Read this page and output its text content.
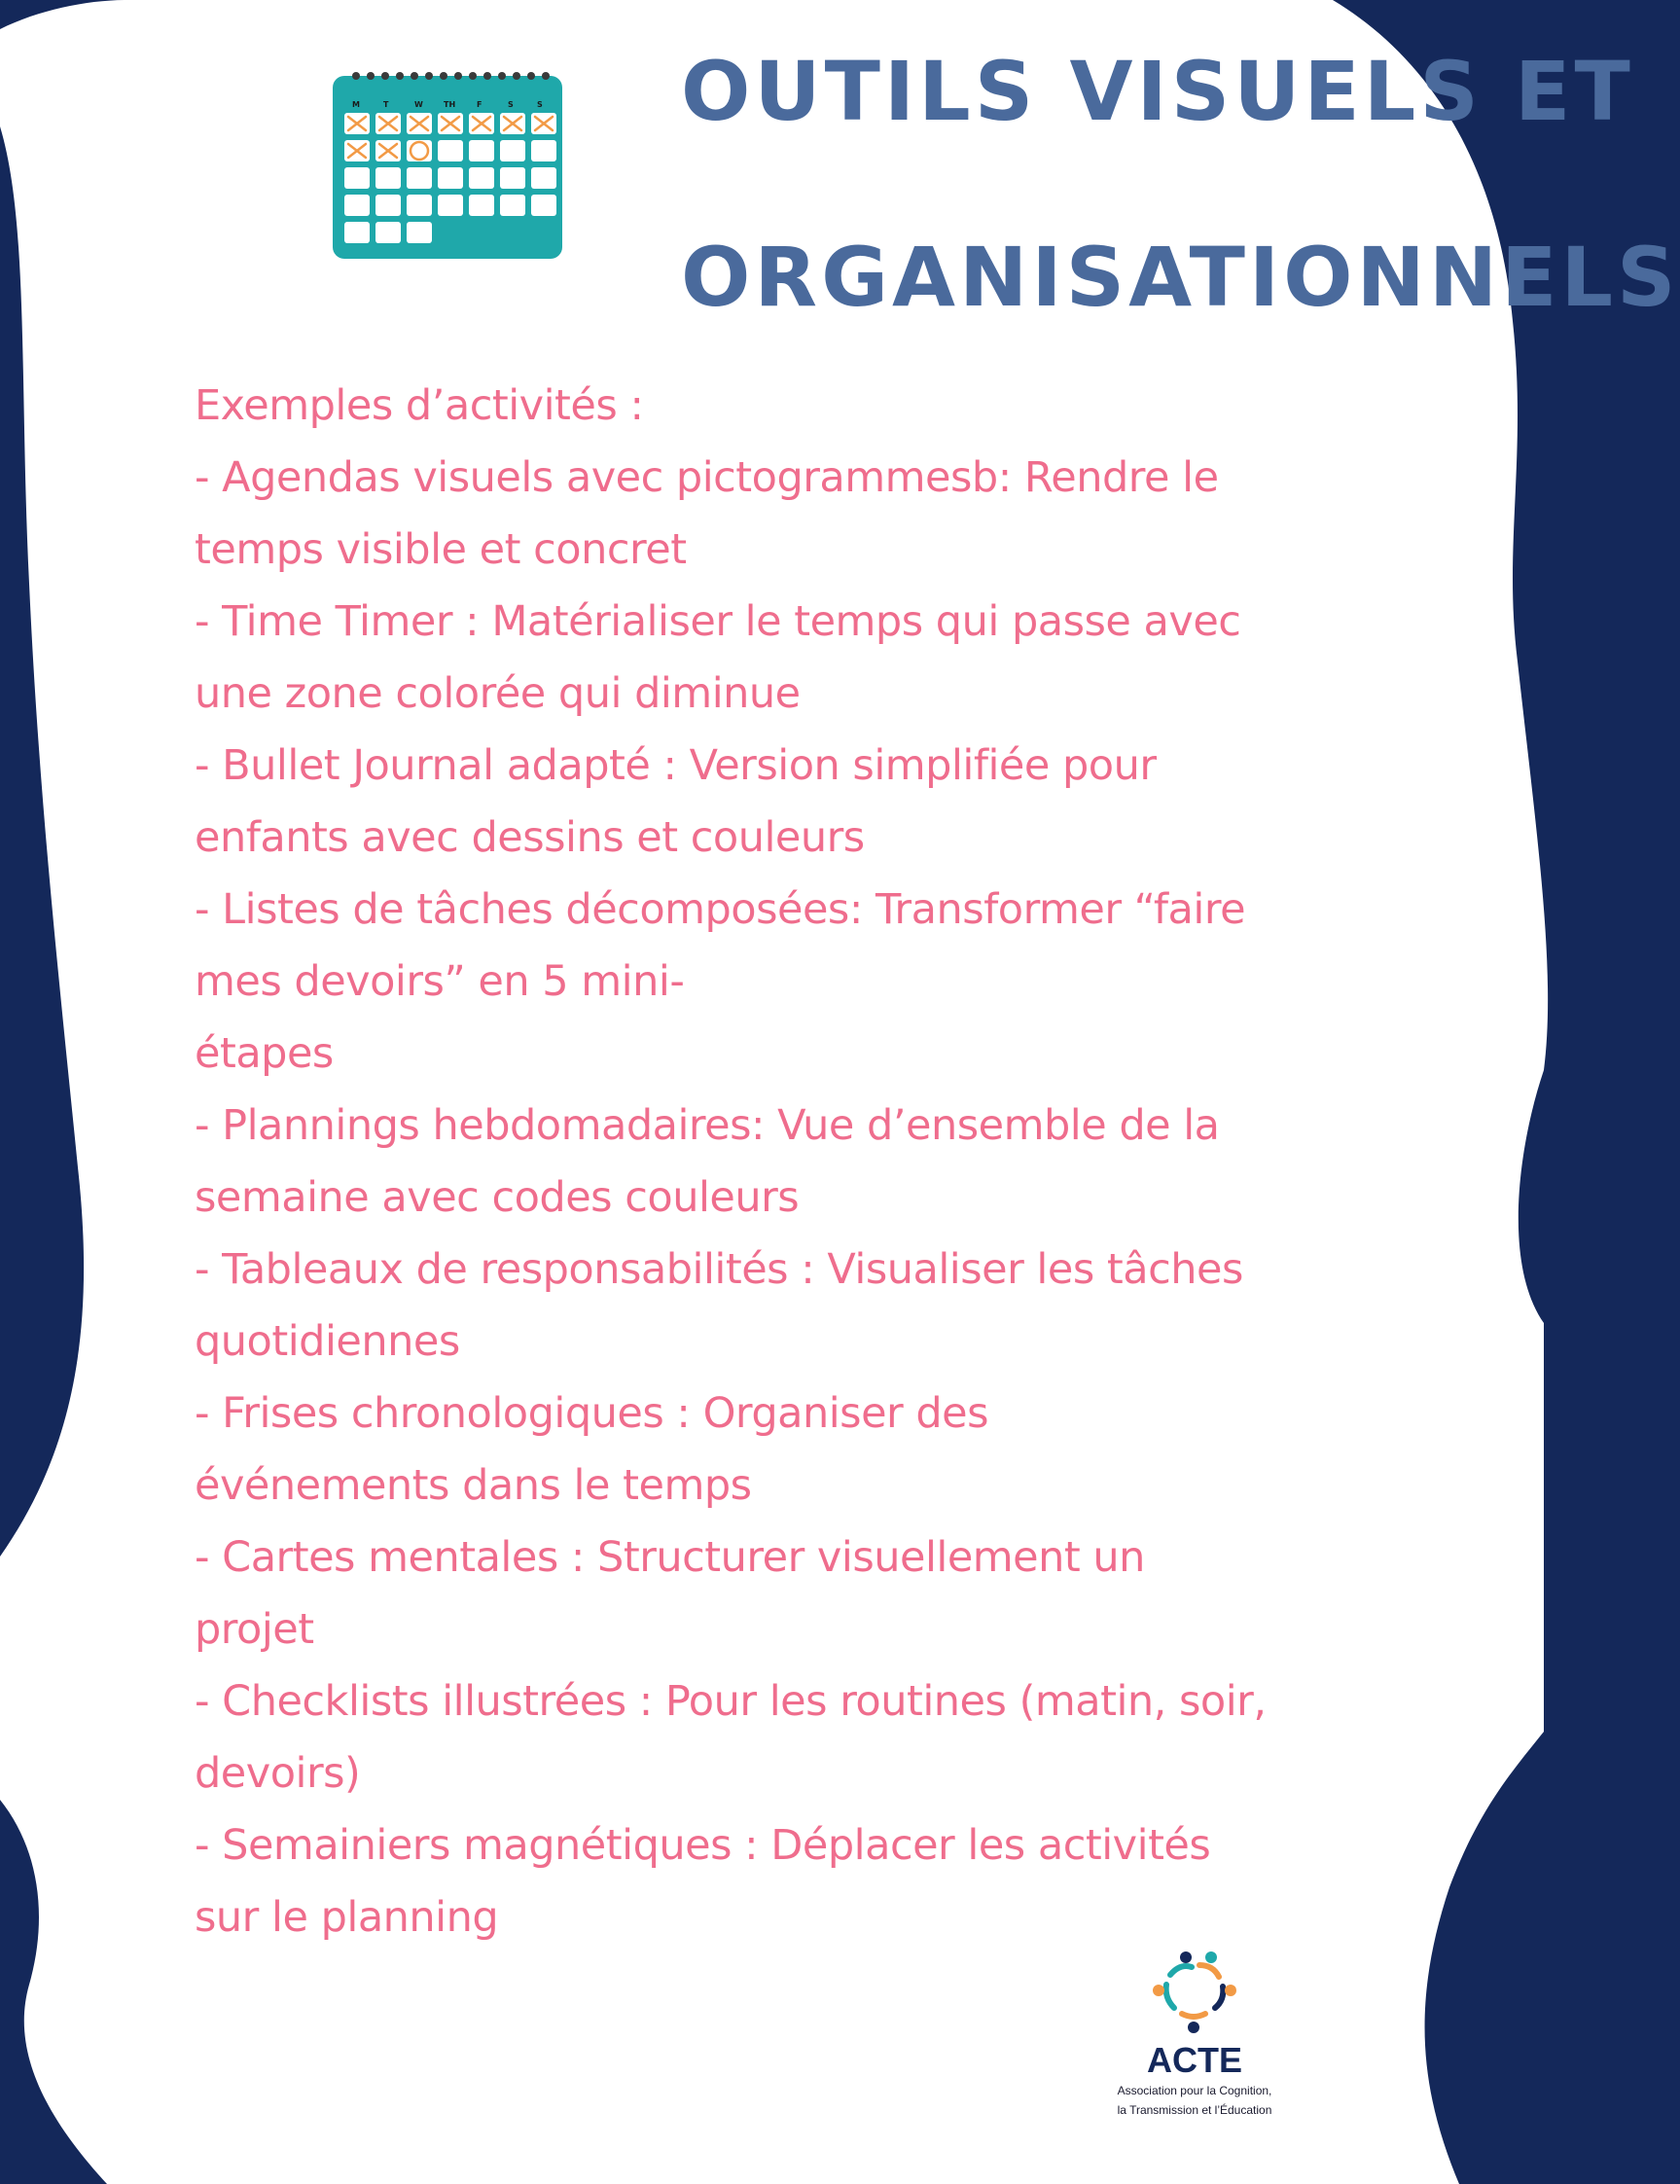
M	T	W	TH	F	S	S OUTILS VISUELS ET
ORGANISATIONNELS
Exemples d’activités :
- Agendas visuels avec pictogrammesb: Rendre le
temps visible et concret
- Time Timer : Matérialiser le temps qui passe avec
une zone colorée qui diminue
- Bullet Journal adapté : Version simplifiée pour
enfants avec dessins et couleurs
- Listes de tâches décomposées: Transformer “faire
mes devoirs” en 5 mini-
étapes
- Plannings hebdomadaires: Vue d’ensemble de la
semaine avec codes couleurs
- Tableaux de responsabilités : Visualiser les tâches
quotidiennes
- Frises chronologiques : Organiser des
événements dans le temps
- Cartes mentales : Structurer visuellement un
projet
- Checklists illustrées : Pour les routines (matin, soir,
devoirs)
- Semainiers magnétiques : Déplacer les activités
sur le planning
ACTE
Association pour la Cognition,
la Transmission et l’Éducation
